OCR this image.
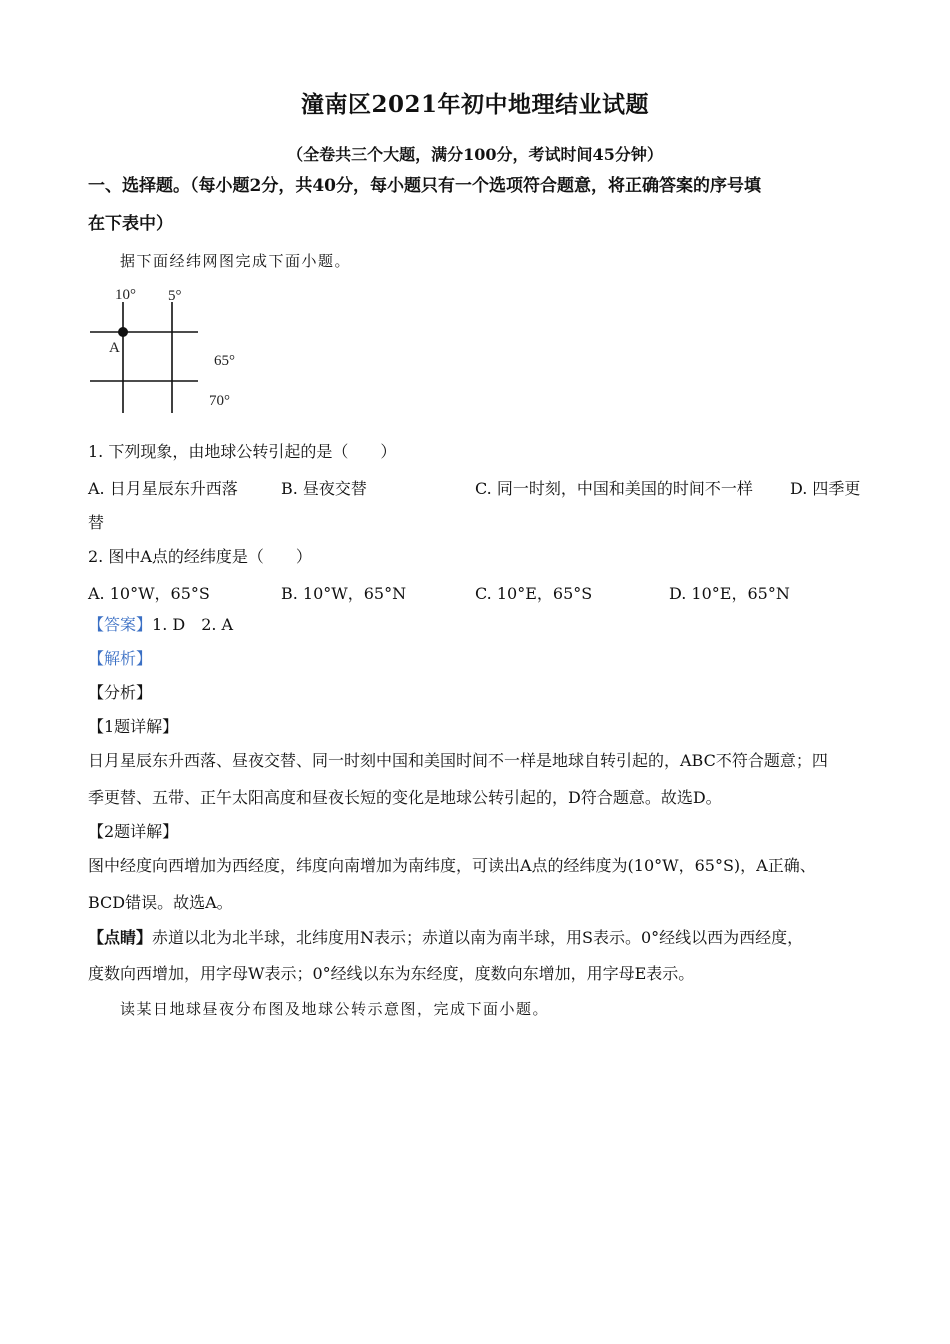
潼南区2021年初中地理结业试题
（全卷共三个大题，满分100分，考试时间45分钟）
一、选择题。（每小题2分，共40分，每小题只有一个选项符合题意，将正确答案的序号填
在下表中）
据下面经纬网图完成下面小题。
10° 5°
A
65°
70°
1. 下列现象，由地球公转引起的是（　　）
A. 日月星辰东升西落	B. 昼夜交替	C. 同一时刻，中国和美国的时间不一样 D. 四季更
替
2. 图中A点的经纬度是（　　）
A. 10°W，65°S	B. 10°W，65°N	C. 10°E，65°S	D. 10°E，65°N
【答案】1. D　2. A
【解析】
【分析】
【1题详解】
日月星辰东升西落、昼夜交替、同一时刻中国和美国时间不一样是地球自转引起的，ABC不符合题意；四
季更替、五带、正午太阳高度和昼夜长短的变化是地球公转引起的，D符合题意。故选D。
【2题详解】
图中经度向西增加为西经度，纬度向南增加为南纬度，可读出A点的经纬度为(10°W，65°S)，A正确、
BCD错误。故选A。
【点睛】赤道以北为北半球，北纬度用N表示；赤道以南为南半球，用S表示。0°经线以西为西经度，
度数向西增加，用字母W表示；0°经线以东为东经度，度数向东增加，用字母E表示。
读某日地球昼夜分布图及地球公转示意图，完成下面小题。
